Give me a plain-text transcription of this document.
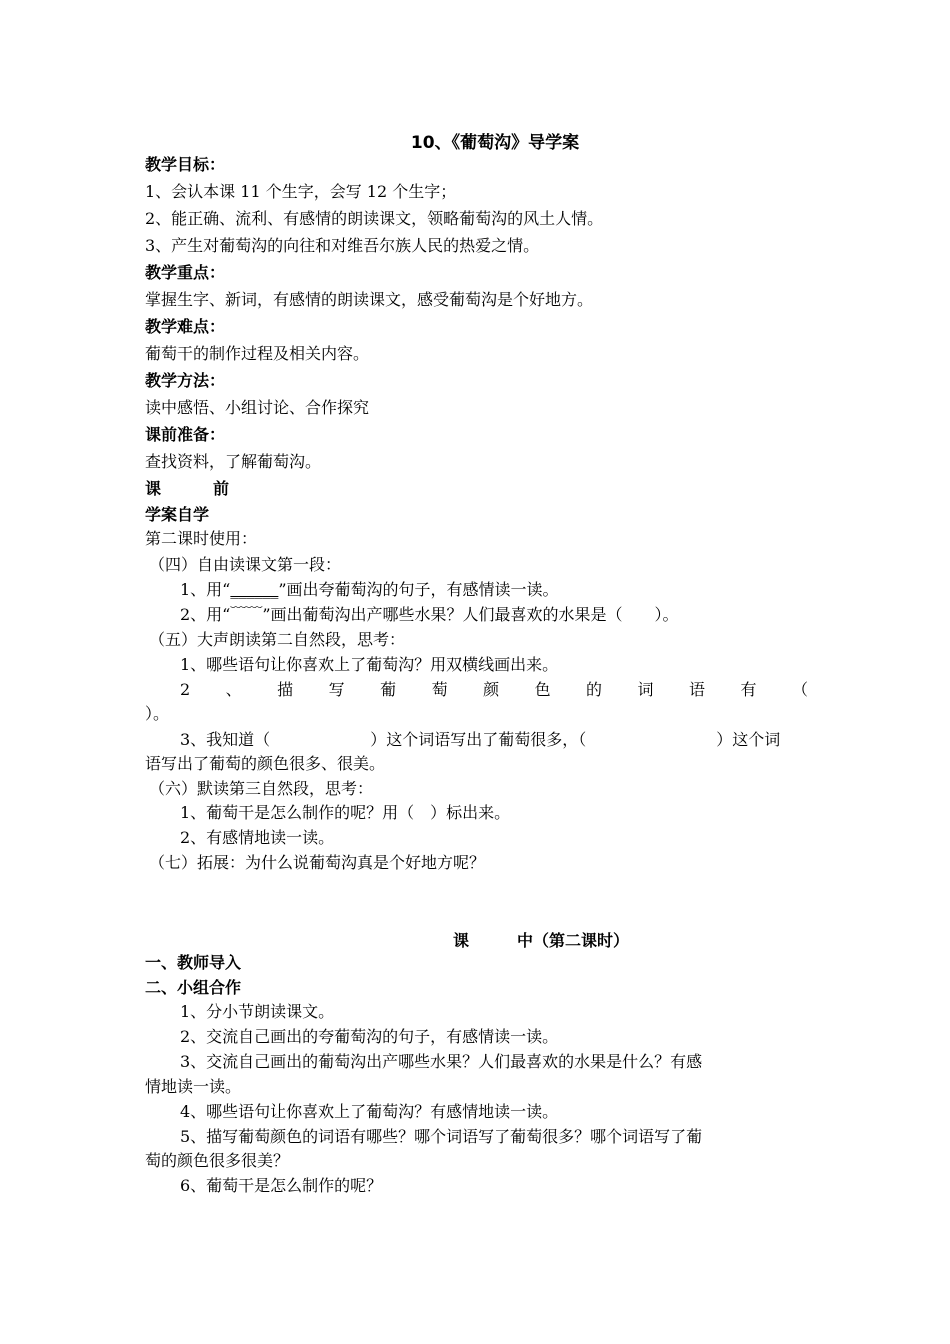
10、《葡萄沟》导学案
教学目标：
1、会认本课 11 个生字，会写 12 个生字；
2、能正确、流利、有感情的朗读课文，领略葡萄沟的风土人情。
3、产生对葡萄沟的向往和对维吾尔族人民的热爱之情。
教学重点：
掌握生字、新词，有感情的朗读课文，感受葡萄沟是个好地方。
教学难点：
葡萄干的制作过程及相关内容。
教学方法：
读中感悟、小组讨论、合作探究
课前准备：
查找资料，了解葡萄沟。
课	前
学案自学
第二课时使用：
（四）自由读课文第一段：
1、用“______”画出夸葡萄沟的句子，有感情读一读。
2、用“﹋﹋”画出葡萄沟出产哪些水果？人们最喜欢的水果是（　　）。
（五）大声朗读第二自然段，思考：
1、哪些语句让你喜欢上了葡萄沟？用双横线画出来。
2 、 描 写 葡 萄 颜 色 的 词 语 有 （
）。
3、我知道（	）这个词语写出了葡萄很多，（	）这个词
语写出了葡萄的颜色很多、很美。
（六）默读第三自然段，思考：
1、葡萄干是怎么制作的呢？用（　）标出来。
2、有感情地读一读。
（七）拓展：为什么说葡萄沟真是个好地方呢？
课	中（第二课时）
一、教师导入
二、小组合作
1、分小节朗读课文。
2、交流自己画出的夸葡萄沟的句子，有感情读一读。
3、交流自己画出的葡萄沟出产哪些水果？人们最喜欢的水果是什么？有感
情地读一读。
4、哪些语句让你喜欢上了葡萄沟？有感情地读一读。
5、描写葡萄颜色的词语有哪些？哪个词语写了葡萄很多？哪个词语写了葡
萄的颜色很多很美？
6、葡萄干是怎么制作的呢？
